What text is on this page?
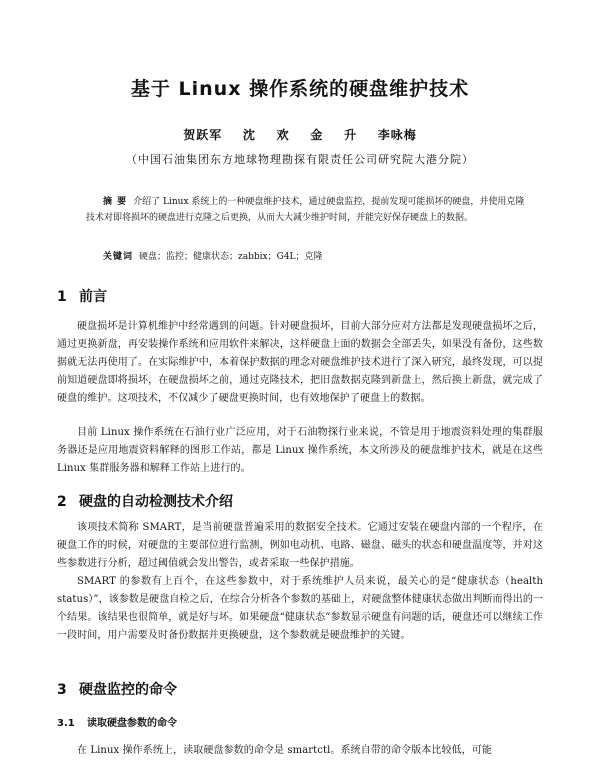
基于 Linux 操作系统的硬盘维护技术
贺跃军    沈    欢    金    升    李咏梅
（中国石油集团东方地球物理勘探有限责任公司研究院大港分院）
摘 要 介绍了 Linux 系统上的一种硬盘维护技术，通过硬盘监控，提前发现可能损坏的硬盘，并使用克隆技术对即将损坏的硬盘进行克隆之后更换，从而大大减少维护时间，并能完好保存硬盘上的数据。
关键词 硬盘；监控；健康状态；zabbix；G4L；克隆
1 前言
硬盘损坏是计算机维护中经常遇到的问题。针对硬盘损坏，目前大部分应对方法都是发现硬盘损坏之后，通过更换新盘，再安装操作系统和应用软件来解决，这样硬盘上面的数据会全部丢失，如果没有备份，这些数据就无法再使用了。在实际维护中，本着保护数据的理念对硬盘维护技术进行了深入研究，最终发现，可以提前知道硬盘即将损坏，在硬盘损坏之前，通过克隆技术，把旧盘数据克隆到新盘上，然后换上新盘，就完成了硬盘的维护。这项技术，不仅减少了硬盘更换时间，也有效地保护了硬盘上的数据。
目前 Linux 操作系统在石油行业广泛应用，对于石油物探行业来说，不管是用于地震资料处理的集群服务器还是应用地震资料解释的图形工作站，都是 Linux 操作系统，本文所涉及的硬盘维护技术，就是在这些 Linux 集群服务器和解释工作站上进行的。
2 硬盘的自动检测技术介绍
该项技术简称 SMART，是当前硬盘普遍采用的数据安全技术。它通过安装在硬盘内部的一个程序，在硬盘工作的时候，对硬盘的主要部位进行监测，例如电动机、电路、磁盘、磁头的状态和硬盘温度等，并对这些参数进行分析，超过阈值就会发出警告，或者采取一些保护措施。
SMART 的参数有上百个，在这些参数中，对于系统维护人员来说，最关心的是“健康状态（health status）”，该参数是硬盘自检之后，在综合分析各个参数的基础上，对硬盘整体健康状态做出判断而得出的一个结果。该结果也很简单，就是好与坏。如果硬盘“健康状态”参数显示硬盘有问题的话，硬盘还可以继续工作一段时间，用户需要及时备份数据并更换硬盘，这个参数就是硬盘维护的关键。
3 硬盘监控的命令
3.1 读取硬盘参数的命令
在 Linux 操作系统上，读取硬盘参数的命令是 smartctl。系统自带的命令版本比较低，可能
